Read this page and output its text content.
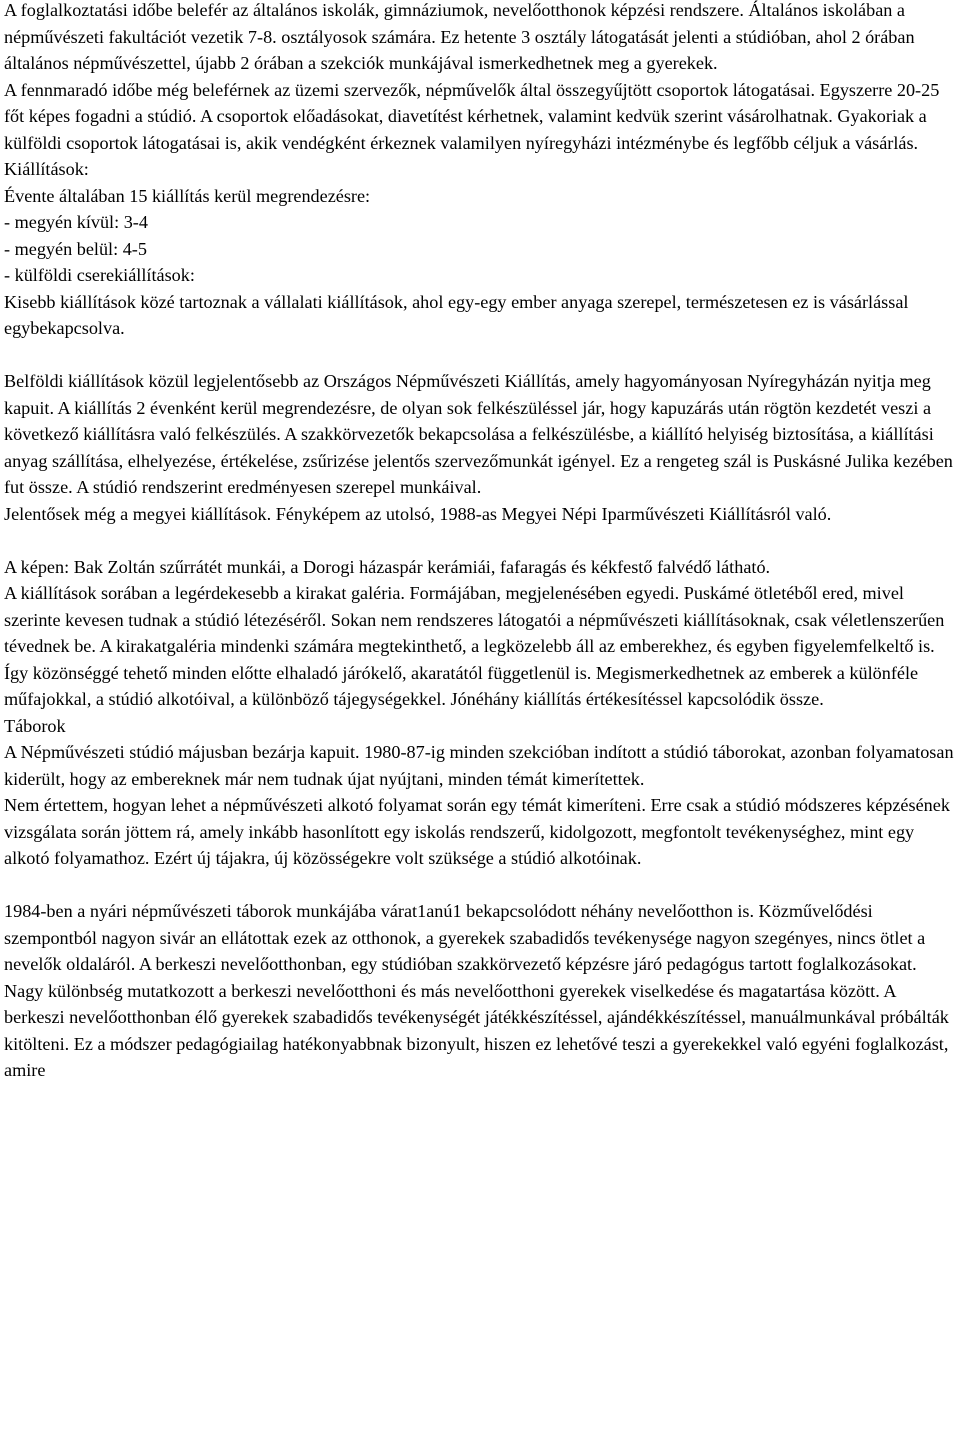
A foglalkoztatási időbe belefér az általános iskolák, gimnáziumok, nevelőotthonok képzési rendszere. Általános iskolában a népművészeti fakultációt vezetik 7-8. osztályosok számára. Ez hetente 3 osztály látogatását jelenti a stúdióban, ahol 2 órában általános népművészettel, újabb 2 órában a szekciók munkájával ismerkedhetnek meg a gyerekek.

A fennmaradó időbe még beleférnek az üzemi szervezők, népművelők által összegyűjtött csoportok látogatásai. Egyszerre 20-25 főt képes fogadni a stúdió. A csoportok előadásokat, diavetítést kérhetnek, valamint kedvük szerint vásárolhatnak. Gyakoriak a külföldi csoportok látogatásai is, akik vendégként érkeznek valamilyen nyíregyházi intézménybe és legfőbb céljuk a vásárlás.

Kiállítások:

Évente általában 15 kiállítás kerül megrendezésre:

- megyén kívül: 3-4

- megyén belül: 4-5

- külföldi cserekiállítások:

Kisebb kiállítások közé tartoznak a vállalati kiállítások, ahol egy-egy ember anyaga szerepel, természetesen ez is vásárlással egybekapcsolva.

Belföldi kiállítások közül legjelentősebb az Országos Népművészeti Kiállítás, amely hagyományosan Nyíregyházán nyitja meg kapuit. A kiállítás 2 évenként kerül megrendezésre, de olyan sok felkészüléssel jár, hogy kapuzárás után rögtön kezdetét veszi a következő kiállításra való felkészülés. A szakkörvezetők bekapcsolása a felkészülésbe, a kiállító helyiség biztosítása, a kiállítási anyag szállítása, elhelyezése, értékelése, zsűrizése jelentős szervezőmunkát igényel. Ez a rengeteg szál is Puskásné Julika kezében fut össze. A stúdió rendszerint eredményesen szerepel munkáival.

Jelentősek még a megyei kiállítások. Fényképem az utolsó, 1988-as Megyei Népi Iparművészeti Kiállításról való.

A képen: Bak Zoltán szűrrátét munkái, a Dorogi házaspár kerámiái, fafaragás és kékfestő falvédő látható.

A kiállítások sorában a legérdekesebb a kirakat galéria. Formájában, megjelenésében egyedi. Puskámé ötletéből ered, mivel szerinte kevesen tudnak a stúdió létezéséről. Sokan nem rendszeres látogatói a népművészeti kiállításoknak, csak véletlenszerűen tévednek be. A kirakatgaléria mindenki számára megtekinthető, a legközelebb áll az emberekhez, és egyben figyelemfelkeltő is. Így közönséggé tehető minden előtte elhaladó járókelő, akaratától függetlenül is. Megismerkedhetnek az emberek a különféle műfajokkal, a stúdió alkotóival, a különböző tájegységekkel. Jónéhány kiállítás értékesítéssel kapcsolódik össze.

Táborok

A Népművészeti stúdió májusban bezárja kapuit. 1980-87-ig minden szekcióban indított a stúdió táborokat, azonban folyamatosan kiderült, hogy az embereknek már nem tudnak újat nyújtani, minden témát kimerítettek.

Nem értettem, hogyan lehet a népművészeti alkotó folyamat során egy témát kimeríteni. Erre csak a stúdió módszeres képzésének vizsgálata során jöttem rá, amely inkább hasonlított egy iskolás rendszerű, kidolgozott, megfontolt tevékenységhez, mint egy alkotó folyamathoz. Ezért új tájakra, új közösségekre volt szüksége a stúdió alkotóinak.

1984-ben a nyári népművészeti táborok munkájába várat1anú1 bekapcsolódott néhány nevelőotthon is. Közművelődési szempontból nagyon sivár an ellátottak ezek az otthonok, a gyerekek szabadidős tevékenysége nagyon szegényes, nincs ötlet a nevelők oldaláról. A berkeszi nevelőotthonban, egy stúdióban szakkörvezető képzésre járó pedagógus tartott foglalkozásokat. Nagy különbség mutatkozott a berkeszi nevelőotthoni és más nevelőotthoni gyerekek viselkedése és magatartása között. A berkeszi nevelőotthonban élő gyerekek szabadidős tevékenységét játékkészítéssel, ajándékkészítéssel, manuálmunkával próbálták kitölteni. Ez a módszer pedagógiailag hatékonyabbnak bizonyult, hiszen ez lehetővé teszi a gyerekekkel való egyéni foglalkozást, amire
